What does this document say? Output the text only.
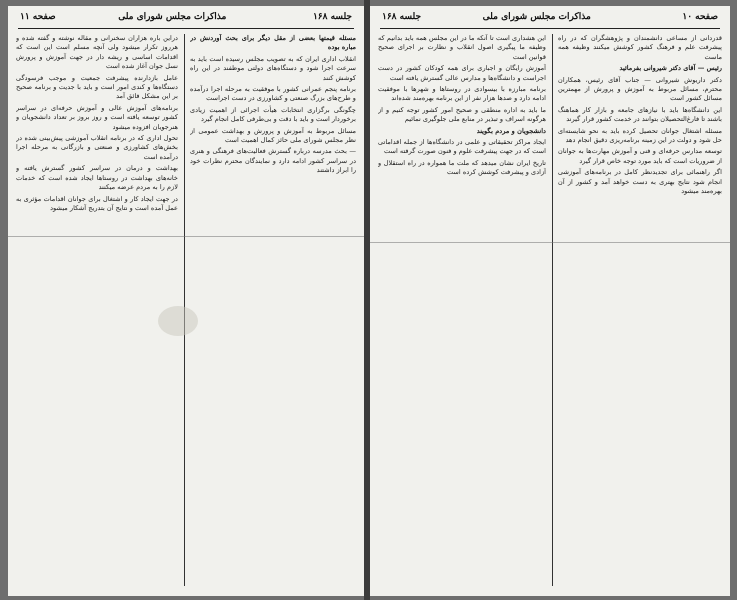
جلسه ۱۶۸
مذاکرات مجلس شورای ملی
صفحه ۱۱
دراین باره هزاران سخنرانی و مقاله نوشته و گفته شده و هرروز تکرار میشود ولی آنچه مسلم است این است که اقدامات اساسی و ریشه دار در جهت آموزش و پرورش نسل جوان آغاز شده است
عامل بازدارنده پیشرفت جمعیت و موجب فرسودگی دستگاه‌ها و کندی امور است و باید با جدیت و برنامه صحیح بر این مشکل فائق آمد
برنامه‌های آموزش عالی و آموزش حرفه‌ای در سراسر کشور توسعه یافته است و روز بروز بر تعداد دانشجویان و هنرجویان افزوده میشود
تحول اداری که در برنامه انقلاب آموزشی پیش‌بینی شده در بخش‌های کشاورزی و صنعتی و بازرگانی به مرحله اجرا درآمده است
بهداشت و درمان در سراسر کشور گسترش یافته و خانه‌های بهداشت در روستاها ایجاد شده است که خدمات لازم را به مردم عرضه میکنند
در جهت ایجاد کار و اشتغال برای جوانان اقدامات مؤثری به عمل آمده است و نتایج آن بتدریج آشکار میشود
مسئله قیمتها بعضی از مقل دیگر برای بحث آوردنش در مباره بوده
انقلاب اداری ایران که به تصویب مجلس رسیده است باید به سرعت اجرا شود و دستگاه‌های دولتی موظفند در این راه کوشش کنند
برنامه پنجم عمرانی کشور با موفقیت به مرحله اجرا درآمده و طرح‌های بزرگ صنعتی و کشاورزی در دست اجراست
چگونگی برگزاری انتخابات هیأت اجرائی از اهمیت زیادی برخوردار است و باید با دقت و بی‌طرفی کامل انجام گیرد
مسائل مربوط به آموزش و پرورش و بهداشت عمومی از نظر مجلس شورای ملی حائز کمال اهمیت است
— بحث مدرسه درباره گسترش فعالیت‌های فرهنگی و هنری در سراسر کشور ادامه دارد و نمایندگان محترم نظرات خود را ابراز داشتند
صفحه ۱۰
مذاکرات مجلس شورای ملی
جلسه ۱۶۸
این هشداری است تا آنکه ما در این مجلس همه باید بدانیم که وظیفه ما پیگیری اصول انقلاب و نظارت بر اجرای صحیح قوانین است
آموزش رایگان و اجباری برای همه کودکان کشور در دست اجراست و دانشگاه‌ها و مدارس عالی گسترش یافته است
برنامه مبارزه با بیسوادی در روستاها و شهرها با موفقیت ادامه دارد و صدها هزار نفر از این برنامه بهره‌مند شده‌اند
ما باید به اداره منطقی و صحیح امور کشور توجه کنیم و از هرگونه اسراف و تبذیر در منابع ملی جلوگیری نمائیم
دانشجویان و مردم بگویند
ایجاد مراکز تحقیقاتی و علمی در دانشگاه‌ها از جمله اقداماتی است که در جهت پیشرفت علوم و فنون صورت گرفته است
تاریخ ایران نشان میدهد که ملت ما همواره در راه استقلال و آزادی و پیشرفت کوشش کرده است
قدردانی از مساعی دانشمندان و پژوهشگران که در راه پیشرفت علم و فرهنگ کشور کوشش میکنند وظیفه همه ماست
رئیس — آقای دکتر شیروانی بفرمائید
دکتر داریوش شیروانی — جناب آقای رئیس، همکاران محترم، مسائل مربوط به آموزش و پرورش از مهمترین مسائل کشور است
این دانشگاه‌ها باید با نیازهای جامعه و بازار کار هماهنگ باشند تا فارغ‌التحصیلان بتوانند در خدمت کشور قرار گیرند
مسئله اشتغال جوانان تحصیل کرده باید به نحو شایسته‌ای حل شود و دولت در این زمینه برنامه‌ریزی دقیق انجام دهد
توسعه مدارس حرفه‌ای و فنی و آموزش مهارت‌ها به جوانان از ضروریات است که باید مورد توجه خاص قرار گیرد
اگر راهنمائی برای تجدیدنظر کامل در برنامه‌های آموزشی انجام شود نتایج بهتری به دست خواهد آمد و کشور از آن بهره‌مند میشود
